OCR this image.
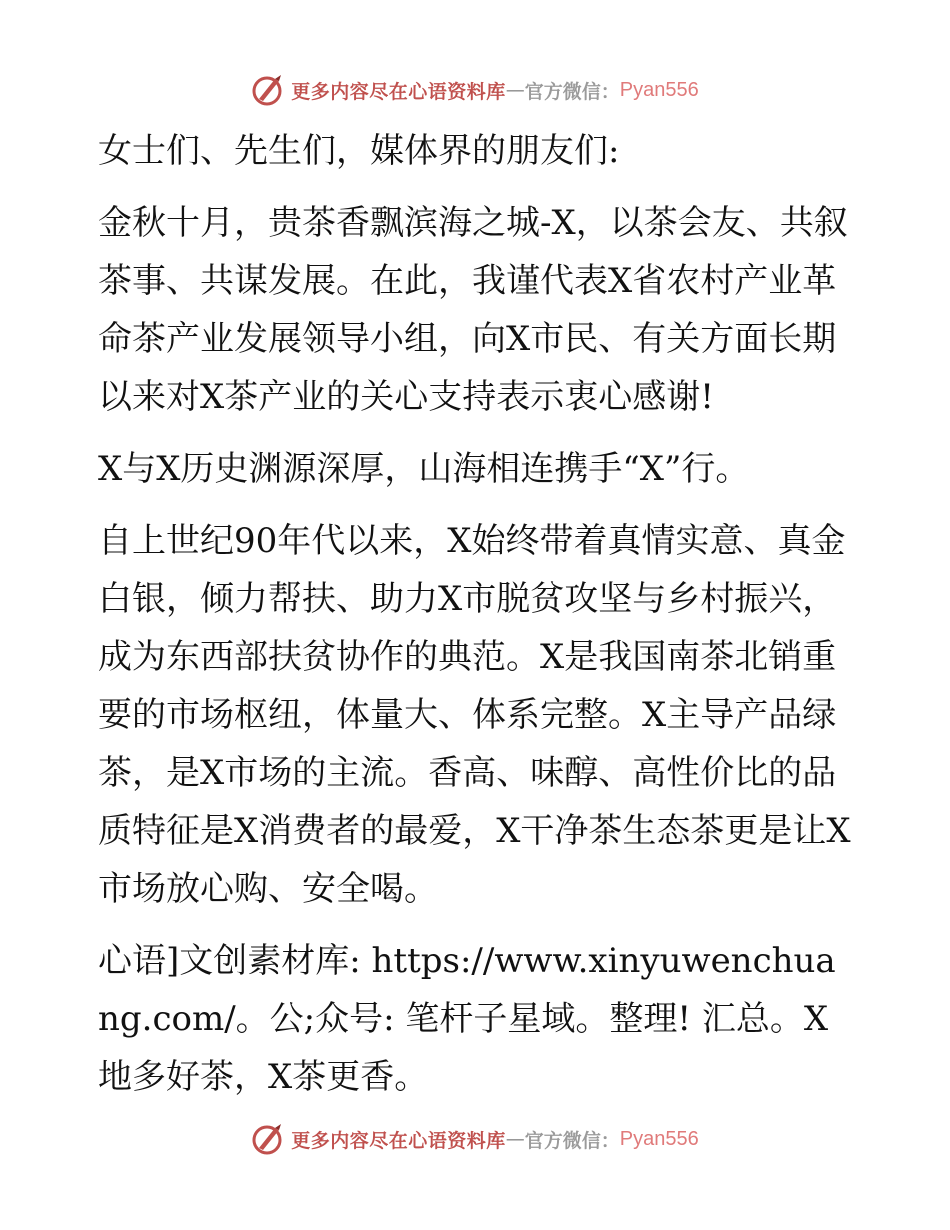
更多内容尽在心语资料库 — 官方微信： Pyan556

女士们、先生们，媒体界的朋友们:

金秋十月，贵茶香飘滨海之城-X，以茶会友、共叙茶事、共谋发展。在此，我谨代表X省农村产业革命茶产业发展领导小组，向X市民、有关方面长期以来对X茶产业的关心支持表示衷心感谢!

X与X历史渊源深厚，山海相连携手“X”行。

自上世纪90年代以来，X始终带着真情实意、真金白银，倾力帮扶、助力X市脱贫攻坚与乡村振兴，成为东西部扶贫协作的典范。X是我国南茶北销重要的市场枢纽，体量大、体系完整。X主导产品绿茶，是X市场的主流。香高、味醇、高性价比的品质特征是X消费者的最爱，X干净茶生态茶更是让X市场放心购、安全喝。

心语]文创素材库: https://www.xinyuwenchuang.com/。公;众号: 笔杆子星域。整理! 汇总。X地多好茶，X茶更香。

更多内容尽在心语资料库 — 官方微信： Pyan556
